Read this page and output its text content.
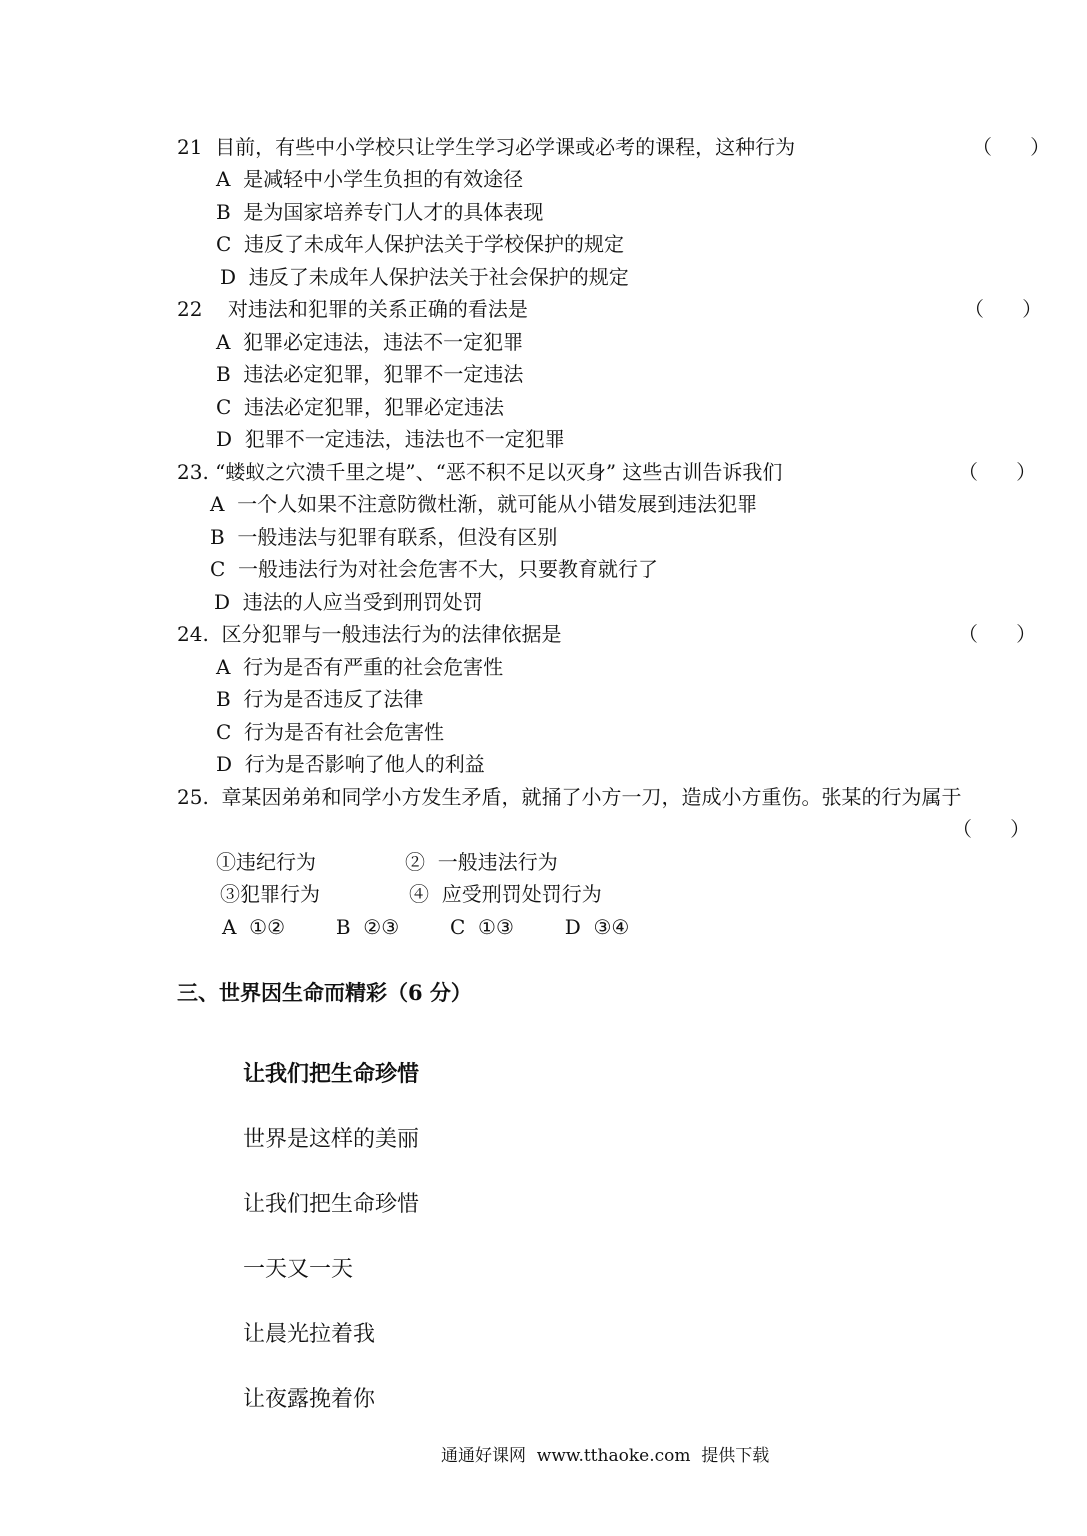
21  目前，有些中小学校只让学生学习必学课或必考的课程，这种行为	（      ）
A  是减轻中小学生负担的有效途径
B  是为国家培养专门人才的具体表现
C  违反了未成年人保护法关于学校保护的规定
D  违反了未成年人保护法关于社会保护的规定
22    对违法和犯罪的关系正确的看法是	（      ）
A  犯罪必定违法，违法不一定犯罪
B  违法必定犯罪，犯罪不一定违法
C  违法必定犯罪，犯罪必定违法
D  犯罪不一定违法，违法也不一定犯罪
23. “蝼蚁之穴溃千里之堤”、“恶不积不足以灭身” 这些古训告诉我们	（      ）
A  一个人如果不注意防微杜渐，就可能从小错发展到违法犯罪
B  一般违法与犯罪有联系，但没有区别
C  一般违法行为对社会危害不大，只要教育就行了
D  违法的人应当受到刑罚处罚
24.  区分犯罪与一般违法行为的法律依据是	（      ）
A  行为是否有严重的社会危害性
B  行为是否违反了法律
C  行为是否有社会危害性
D  行为是否影响了他人的利益
25.  章某因弟弟和同学小方发生矛盾，就捅了小方一刀，造成小方重伤。张某的行为属于
（      ）
①违纪行为              ②  一般违法行为
③犯罪行为              ④  应受刑罚处罚行为
A  ①②        B  ②③        C  ①③        D  ③④
三、世界因生命而精彩（6 分）
让我们把生命珍惜
世界是这样的美丽
让我们把生命珍惜
一天又一天
让晨光拉着我
让夜露挽着你
通通好课网  www.tthaoke.com  提供下载
